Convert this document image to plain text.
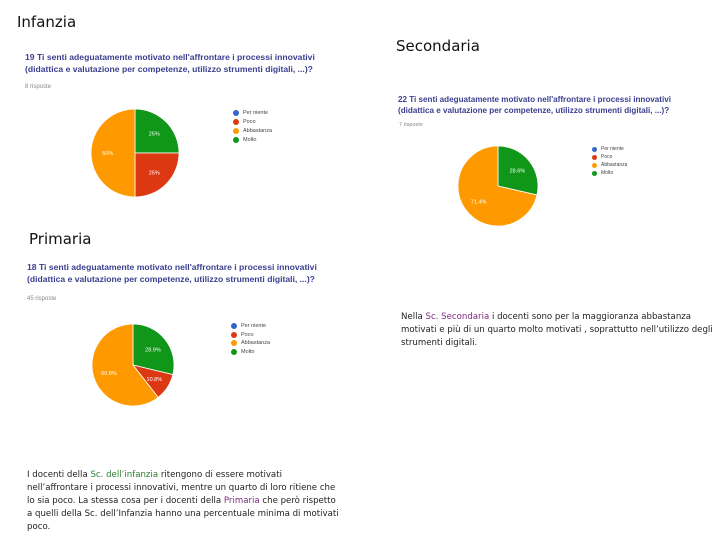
Infanzia
Secondaria
Primaria
19 Ti senti adeguatamente motivato nell'affrontare i processi innovativi
(didattica e valutazione per competenze, utilizzo strumenti digitali, ...)?
8 risposte
25%
25%
50%
Per niente
Poco
Abbastanza
Molto
22 Ti senti adeguatamente motivato nell'affrontare i processi innovativi
(didattica e valutazione per competenze, utilizzo strumenti digitali, ...)?
7 risposte
28.6%
71.4%
Per niente
Poco
Abbastanza
Molto
18 Ti senti adeguatamente motivato nell'affrontare i processi innovativi
(didattica e valutazione per competenze, utilizzo strumenti digitali, ...)?
45 risposte
28.9%
10.8%
60.8%
Per niente
Poco
Abbastanza
Molto
Nella Sc. Secondaria i docenti sono per la maggioranza abbastanza motivati e più di un quarto molto motivati , soprattutto nell’utilizzo degli strumenti digitali.
I docenti della Sc. dell’infanzia ritengono di essere motivati nell’affrontare i processi innovativi, mentre un quarto di loro ritiene che lo sia poco. La stessa cosa per i docenti della Primaria che però rispetto a quelli della Sc. dell’Infanzia hanno una percentuale minima di motivati poco.
